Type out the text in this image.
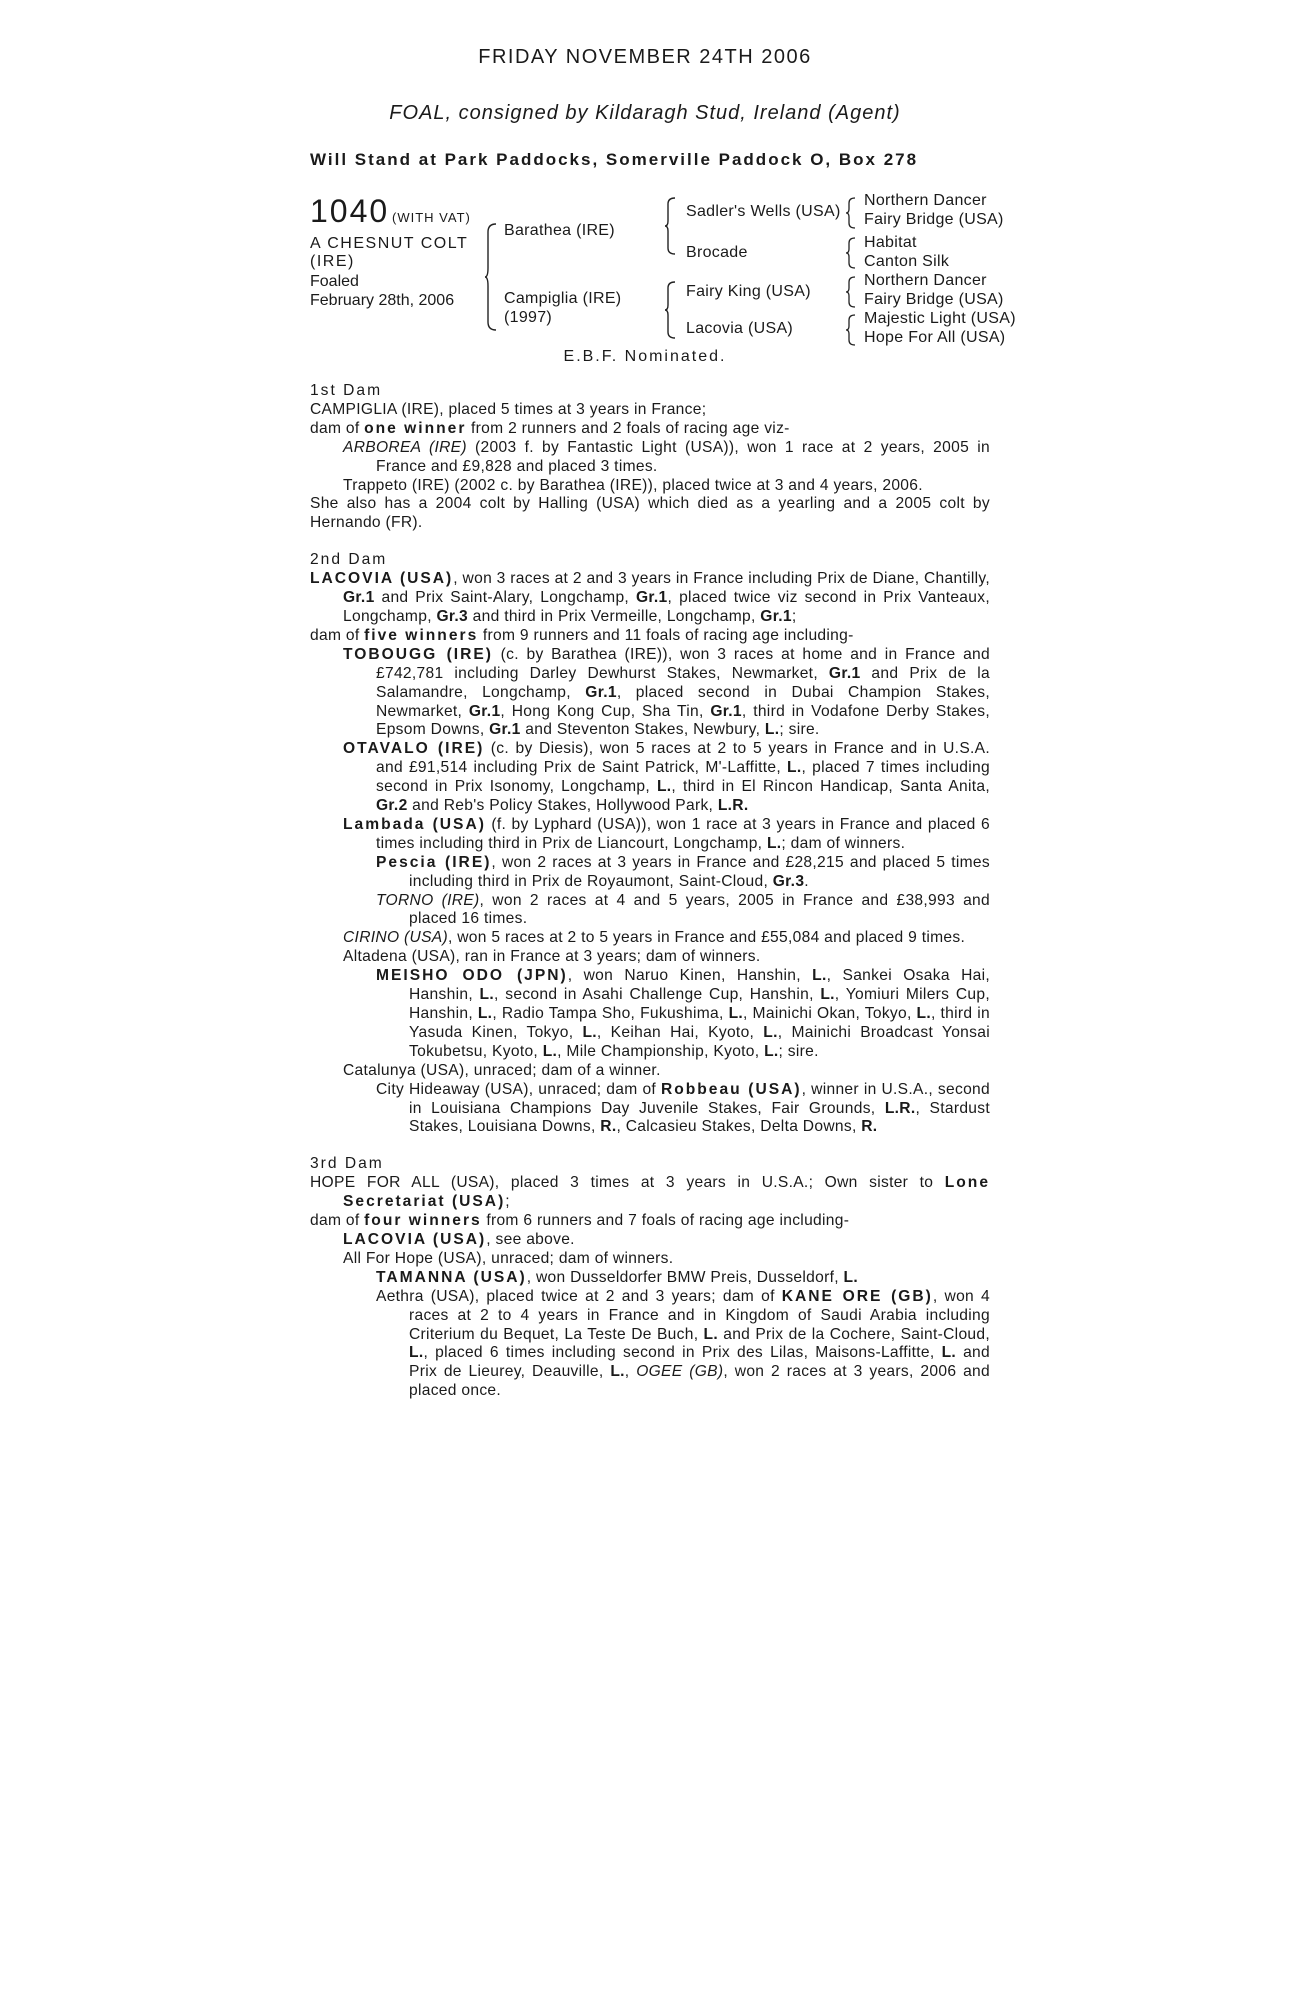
FRIDAY NOVEMBER 24TH 2006
FOAL, consigned by Kildaragh Stud, Ireland (Agent)
Will Stand at Park Paddocks, Somerville Paddock O, Box 278
1040 (WITH VAT)
A CHESNUT COLT
(IRE)
Foaled
February 28th, 2006
Barathea (IRE)
Campiglia (IRE)
(1997)
Sadler's Wells (USA)
Brocade
Fairy King (USA)
Lacovia (USA)
Northern Dancer
Fairy Bridge (USA)
Habitat
Canton Silk
Northern Dancer
Fairy Bridge (USA)
Majestic Light (USA)
Hope For All (USA)
E.B.F. Nominated.
1st Dam

CAMPIGLIA (IRE), placed 5 times at 3 years in France;

dam of one winner from 2 runners and 2 foals of racing age viz-

ARBOREA (IRE) (2003 f. by Fantastic Light (USA)), won 1 race at 2 years, 2005 in France and £9,828 and placed 3 times.

Trappeto (IRE) (2002 c. by Barathea (IRE)), placed twice at 3 and 4 years, 2006.

She also has a 2004 colt by Halling (USA) which died as a yearling and a 2005 colt by Hernando (FR).

2nd Dam

LACOVIA (USA), won 3 races at 2 and 3 years in France including Prix de Diane, Chantilly, Gr.1 and Prix Saint-Alary, Longchamp, Gr.1, placed twice viz second in Prix Vanteaux, Longchamp, Gr.3 and third in Prix Vermeille, Longchamp, Gr.1;

dam of five winners from 9 runners and 11 foals of racing age including-

TOBOUGG (IRE) (c. by Barathea (IRE)), won 3 races at home and in France and £742,781 including Darley Dewhurst Stakes, Newmarket, Gr.1 and Prix de la Salamandre, Longchamp, Gr.1, placed second in Dubai Champion Stakes, Newmarket, Gr.1, Hong Kong Cup, Sha Tin, Gr.1, third in Vodafone Derby Stakes, Epsom Downs, Gr.1 and Steventon Stakes, Newbury, L.; sire.

OTAVALO (IRE) (c. by Diesis), won 5 races at 2 to 5 years in France and in U.S.A. and £91,514 including Prix de Saint Patrick, M'-Laffitte, L., placed 7 times including second in Prix Isonomy, Longchamp, L., third in El Rincon Handicap, Santa Anita, Gr.2 and Reb's Policy Stakes, Hollywood Park, L.R.

Lambada (USA) (f. by Lyphard (USA)), won 1 race at 3 years in France and placed 6 times including third in Prix de Liancourt, Longchamp, L.; dam of winners.

Pescia (IRE), won 2 races at 3 years in France and £28,215 and placed 5 times including third in Prix de Royaumont, Saint-Cloud, Gr.3.

TORNO (IRE), won 2 races at 4 and 5 years, 2005 in France and £38,993 and placed 16 times.

CIRINO (USA), won 5 races at 2 to 5 years in France and £55,084 and placed 9 times.

Altadena (USA), ran in France at 3 years; dam of winners.

MEISHO ODO (JPN), won Naruo Kinen, Hanshin, L., Sankei Osaka Hai, Hanshin, L., second in Asahi Challenge Cup, Hanshin, L., Yomiuri Milers Cup, Hanshin, L., Radio Tampa Sho, Fukushima, L., Mainichi Okan, Tokyo, L., third in Yasuda Kinen, Tokyo, L., Keihan Hai, Kyoto, L., Mainichi Broadcast Yonsai Tokubetsu, Kyoto, L., Mile Championship, Kyoto, L.; sire.

Catalunya (USA), unraced; dam of a winner.

City Hideaway (USA), unraced; dam of Robbeau (USA), winner in U.S.A., second in Louisiana Champions Day Juvenile Stakes, Fair Grounds, L.R., Stardust Stakes, Louisiana Downs, R., Calcasieu Stakes, Delta Downs, R.

3rd Dam

HOPE FOR ALL (USA), placed 3 times at 3 years in U.S.A.; Own sister to Lone Secretariat (USA);

dam of four winners from 6 runners and 7 foals of racing age including-

LACOVIA (USA), see above.

All For Hope (USA), unraced; dam of winners.

TAMANNA (USA), won Dusseldorfer BMW Preis, Dusseldorf, L.

Aethra (USA), placed twice at 2 and 3 years; dam of KANE ORE (GB), won 4 races at 2 to 4 years in France and in Kingdom of Saudi Arabia including Criterium du Bequet, La Teste De Buch, L. and Prix de la Cochere, Saint-Cloud, L., placed 6 times including second in Prix des Lilas, Maisons-Laffitte, L. and Prix de Lieurey, Deauville, L., OGEE (GB), won 2 races at 3 years, 2006 and placed once.
